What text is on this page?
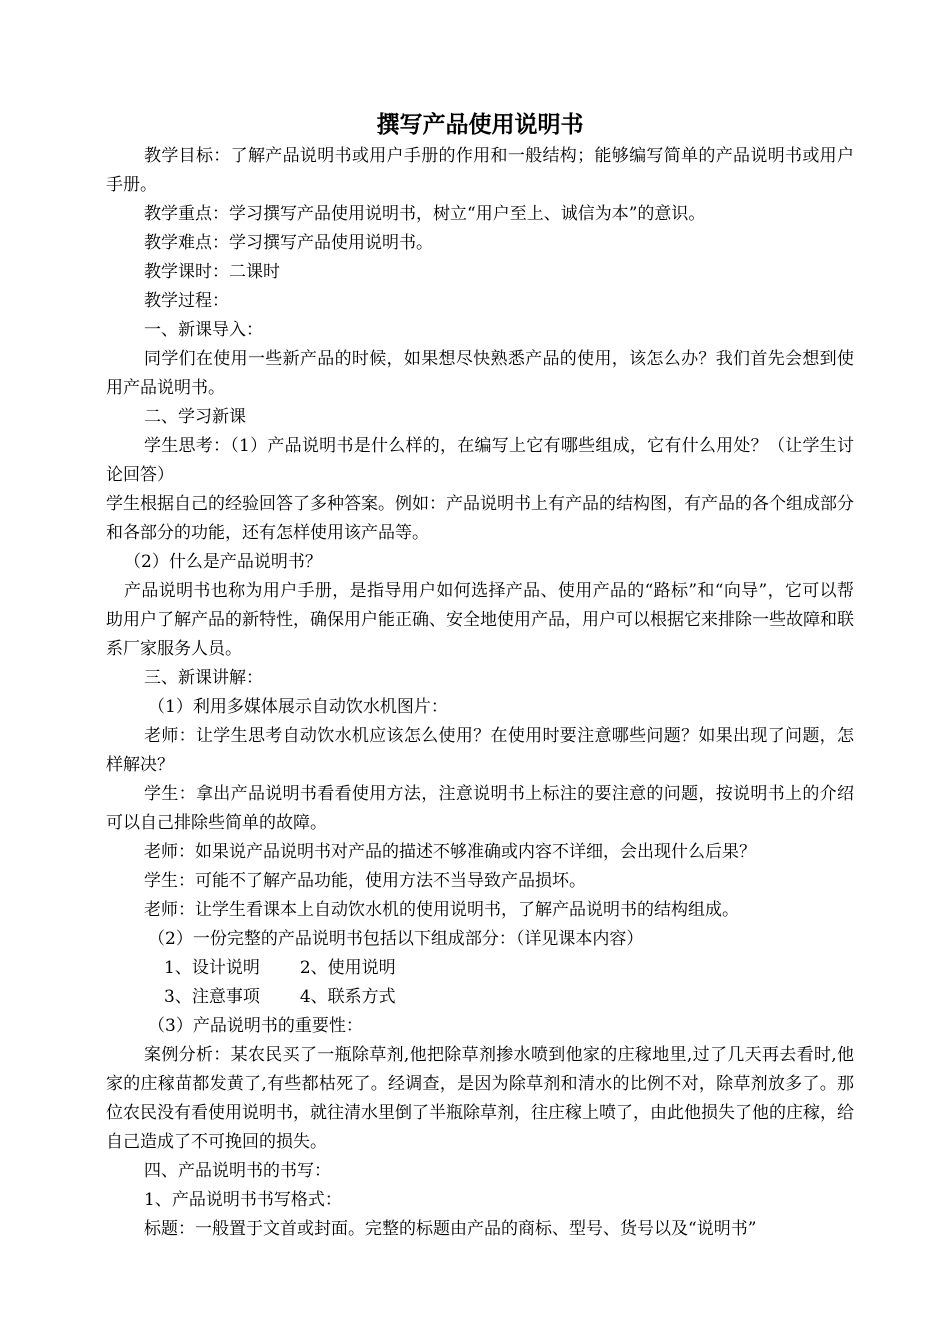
撰写产品使用说明书

教学目标：了解产品说明书或用户手册的作用和一般结构；能够编写简单的产品说明书或用户手册。

教学重点：学习撰写产品使用说明书，树立“用户至上、诚信为本”的意识。

教学难点：学习撰写产品使用说明书。

教学课时：二课时

教学过程：

一、新课导入：

同学们在使用一些新产品的时候，如果想尽快熟悉产品的使用，该怎么办？我们首先会想到使用产品说明书。

二、学习新课

学生思考：（1）产品说明书是什么样的，在编写上它有哪些组成，它有什么用处？（让学生讨论回答）

学生根据自己的经验回答了多种答案。例如：产品说明书上有产品的结构图，有产品的各个组成部分和各部分的功能，还有怎样使用该产品等。

（2）什么是产品说明书？

产品说明书也称为用户手册，是指导用户如何选择产品、使用产品的“路标”和“向导”，它可以帮助用户了解产品的新特性，确保用户能正确、安全地使用产品，用户可以根据它来排除一些故障和联系厂家服务人员。

三、新课讲解：

（1）利用多媒体展示自动饮水机图片：

老师：让学生思考自动饮水机应该怎么使用？在使用时要注意哪些问题？如果出现了问题，怎样解决？

学生：拿出产品说明书看看使用方法，注意说明书上标注的要注意的问题，按说明书上的介绍可以自己排除些简单的故障。

老师：如果说产品说明书对产品的描述不够准确或内容不详细，会出现什么后果？

学生：可能不了解产品功能，使用方法不当导致产品损坏。

老师：让学生看课本上自动饮水机的使用说明书，了解产品说明书的结构组成。

（2）一份完整的产品说明书包括以下组成部分：（详见课本内容）

1、设计说明 2、使用说明
3、注意事项 4、联系方式

（3）产品说明书的重要性：

案例分析：某农民买了一瓶除草剂,他把除草剂掺水喷到他家的庄稼地里,过了几天再去看时,他家的庄稼苗都发黄了,有些都枯死了。经调查，是因为除草剂和清水的比例不对，除草剂放多了。那位农民没有看使用说明书，就往清水里倒了半瓶除草剂，往庄稼上喷了，由此他损失了他的庄稼，给自己造成了不可挽回的损失。

四、产品说明书的书写：

1、产品说明书书写格式：

标题：一般置于文首或封面。完整的标题由产品的商标、型号、货号以及“说明书”
